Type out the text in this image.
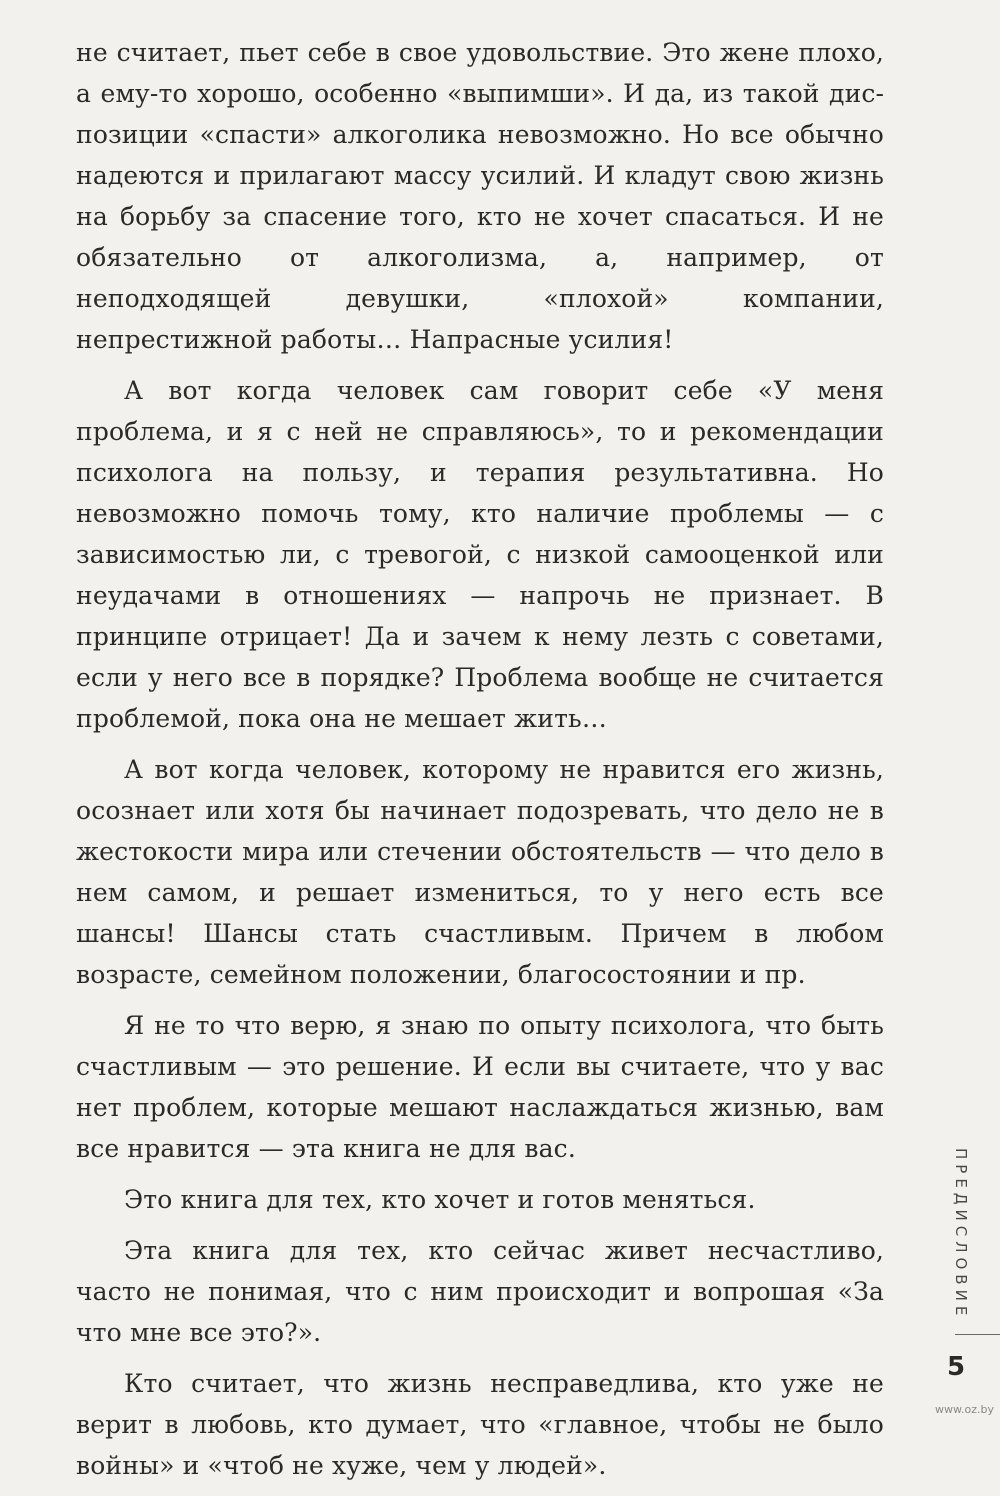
не считает, пьет себе в свое удовольствие. Это жене плохо, а ему-то хорошо, особенно «выпимши». И да, из такой диспозиции «спасти» алкоголика невозможно. Но все обычно надеются и прилагают массу усилий. И кладут свою жизнь на борьбу за спасение того, кто не хочет спасаться. И не обязательно от алкоголизма, а, например, от неподходящей девушки, «плохой» компании, непрестижной работы… Напрасные усилия!

А вот когда человек сам говорит себе «У меня проблема, и я с ней не справляюсь», то и рекомендации психолога на пользу, и терапия результативна. Но невозможно помочь тому, кто наличие проблемы — с зависимостью ли, с тревогой, с низкой самооценкой или неудачами в отношениях — напрочь не признает. В принципе отрицает! Да и зачем к нему лезть с советами, если у него все в порядке? Проблема вообще не считается проблемой, пока она не мешает жить…

А вот когда человек, которому не нравится его жизнь, осознает или хотя бы начинает подозревать, что дело не в жестокости мира или стечении обстоятельств — что дело в нем самом, и решает измениться, то у него есть все шансы! Шансы стать счастливым. Причем в любом возрасте, семейном положении, благосостоянии и пр.

Я не то что верю, я знаю по опыту психолога, что быть счастливым — это решение. И если вы считаете, что у вас нет проблем, которые мешают наслаждаться жизнью, вам все нравится — эта книга не для вас.

Это книга для тех, кто хочет и готов меняться.

Эта книга для тех, кто сейчас живет несчастливо, часто не понимая, что с ним происходит и вопрошая «За что мне все это?».

Кто считает, что жизнь несправедлива, кто уже не верит в любовь, кто думает, что «главное, чтобы не было войны» и «чтоб не хуже, чем у людей».

ПРЕДИСЛОВИЕ
5
www.oz.by
